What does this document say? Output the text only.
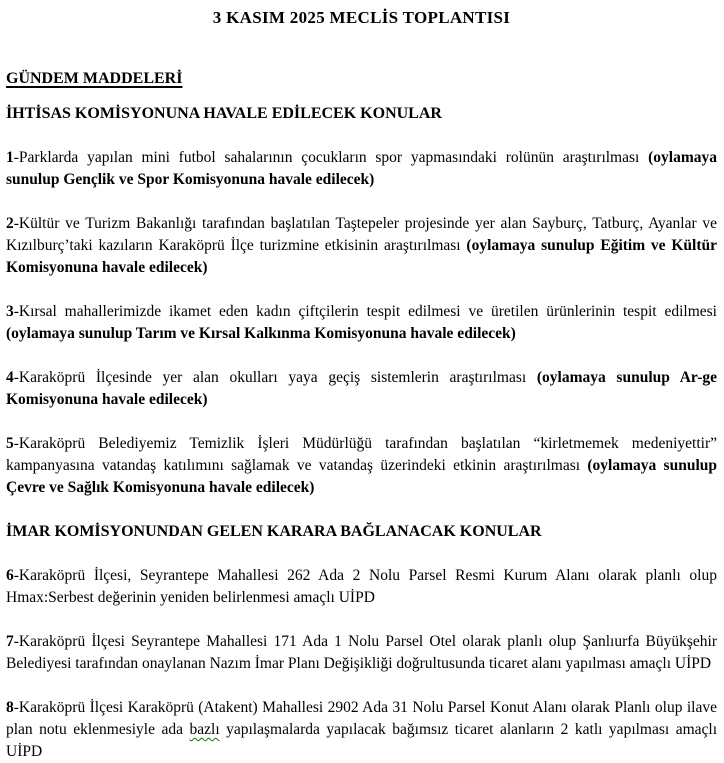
3 KASIM 2025 MECLİS TOPLANTISI
GÜNDEM MADDELERİ
İHTİSAS KOMİSYONUNA HAVALE EDİLECEK KONULAR

1-Parklarda yapılan mini futbol sahalarının çocukların spor yapmasındaki rolünün araştırılması (oylamaya sunulup Gençlik ve Spor Komisyonuna havale edilecek)

2-Kültür ve Turizm Bakanlığı tarafından başlatılan Taştepeler projesinde yer alan Sayburç, Tatburç, Ayanlar ve Kızılburç’taki kazıların Karaköprü İlçe turizmine etkisinin araştırılması (oylamaya sunulup Eğitim ve Kültür Komisyonuna havale edilecek)

3-Kırsal mahallerimizde ikamet eden kadın çiftçilerin tespit edilmesi ve üretilen ürünlerinin tespit edilmesi (oylamaya sunulup Tarım ve Kırsal Kalkınma Komisyonuna havale edilecek)

4-Karaköprü İlçesinde yer alan okulları yaya geçiş sistemlerin araştırılması (oylamaya sunulup Ar-ge Komisyonuna havale edilecek)

5-Karaköprü Belediyemiz Temizlik İşleri Müdürlüğü tarafından başlatılan “kirletmemek medeniyettir” kampanyasına vatandaş katılımını sağlamak ve vatandaş üzerindeki etkinin araştırılması (oylamaya sunulup Çevre ve Sağlık Komisyonuna havale edilecek)

İMAR KOMİSYONUNDAN GELEN KARARA BAĞLANACAK KONULAR

6-Karaköprü İlçesi, Seyrantepe Mahallesi 262 Ada 2 Nolu Parsel Resmi Kurum Alanı olarak planlı olup Hmax:Serbest değerinin yeniden belirlenmesi amaçlı UİPD

7-Karaköprü İlçesi Seyrantepe Mahallesi 171 Ada 1 Nolu Parsel Otel olarak planlı olup Şanlıurfa Büyükşehir Belediyesi tarafından onaylanan Nazım İmar Planı Değişikliği doğrultusunda ticaret alanı yapılması amaçlı UİPD

8-Karaköprü İlçesi Karaköprü (Atakent) Mahallesi 2902 Ada 31 Nolu Parsel Konut Alanı olarak Planlı olup ilave plan notu eklenmesiyle ada bazlı yapılaşmalarda yapılacak bağımsız ticaret alanların 2 katlı yapılması amaçlı UİPD
